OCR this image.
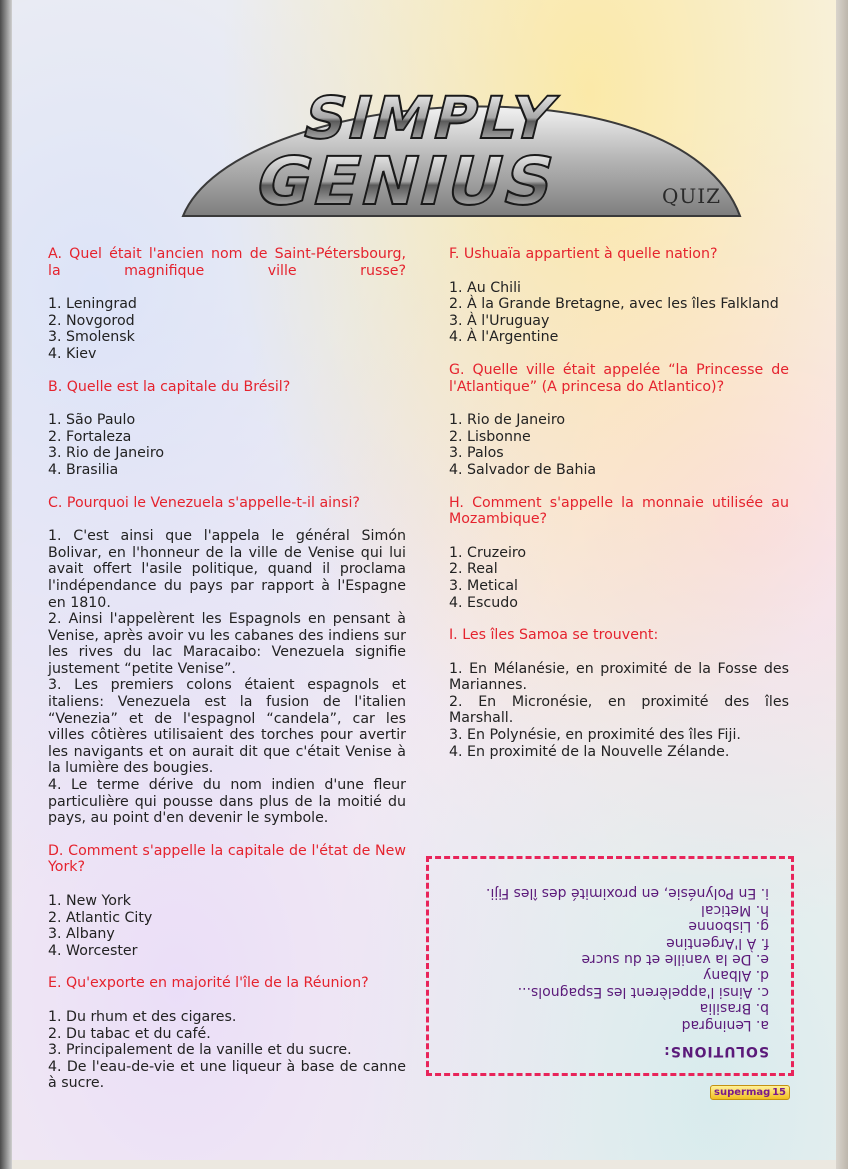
SIMPLY
GENIUS	QUIZ

A. Quel était l'ancien nom de Saint-Pétersbourg, la magnifique ville russe?

1. Leningrad
2. Novgorod
3. Smolensk
4. Kiev

B. Quelle est la capitale du Brésil?

1. São Paulo
2. Fortaleza
3. Rio de Janeiro
4. Brasilia

C. Pourquoi le Venezuela s'appelle-t-il ainsi?

1. C'est ainsi que l'appela le général Simón Bolivar, en l'honneur de la ville de Venise qui lui avait offert l'asile politique, quand il proclama l'indépendance du pays par rapport à l'Espagne en 1810.
2. Ainsi l'appelèrent les Espagnols en pensant à Venise, après avoir vu les cabanes des indiens sur les rives du lac Maracaibo: Venezuela signifie justement “petite Venise”.
3. Les premiers colons étaient espagnols et italiens: Venezuela est la fusion de l'italien “Venezia” et de l'espagnol “candela”, car les villes côtières utilisaient des torches pour avertir les navigants et on aurait dit que c'était Venise à la lumière des bougies.
4. Le terme dérive du nom indien d'une fleur particulière qui pousse dans plus de la moitié du pays, au point d'en devenir le symbole.

D. Comment s'appelle la capitale de l'état de New York?

1. New York
2. Atlantic City
3. Albany
4. Worcester

E. Qu'exporte en majorité l'île de la Réunion?

1. Du rhum et des cigares.
2. Du tabac et du café.
3. Principalement de la vanille et du sucre.
4. De l'eau-de-vie et une liqueur à base de canne à sucre.

F. Ushuaïa appartient à quelle nation?

1. Au Chili
2. À la Grande Bretagne, avec les îles Falkland
3. À l'Uruguay
4. À l'Argentine

G. Quelle ville était appelée “la Princesse de l'Atlantique” (A princesa do Atlantico)?

1. Rio de Janeiro
2. Lisbonne
3. Palos
4. Salvador de Bahia

H. Comment s'appelle la monnaie utilisée au Mozambique?

1. Cruzeiro
2. Real
3. Metical
4. Escudo

I. Les îles Samoa se trouvent:

1. En Mélanésie, en proximité de la Fosse des Mariannes.
2. En Micronésie, en proximité des îles Marshall.
3. En Polynésie, en proximité des îles Fiji.
4. En proximité de la Nouvelle Zélande.

SOLUTIONS:

a. Leningrad
b. Brasilia
c. Ainsi l'appelèrent les Espagnols...
d. Albany
e. De la vanille et du sucre
f. À l'Argentine
g. Lisbonne
h. Metical
i. En Polynésie, en proximité des îles Fiji.
supermag 15
